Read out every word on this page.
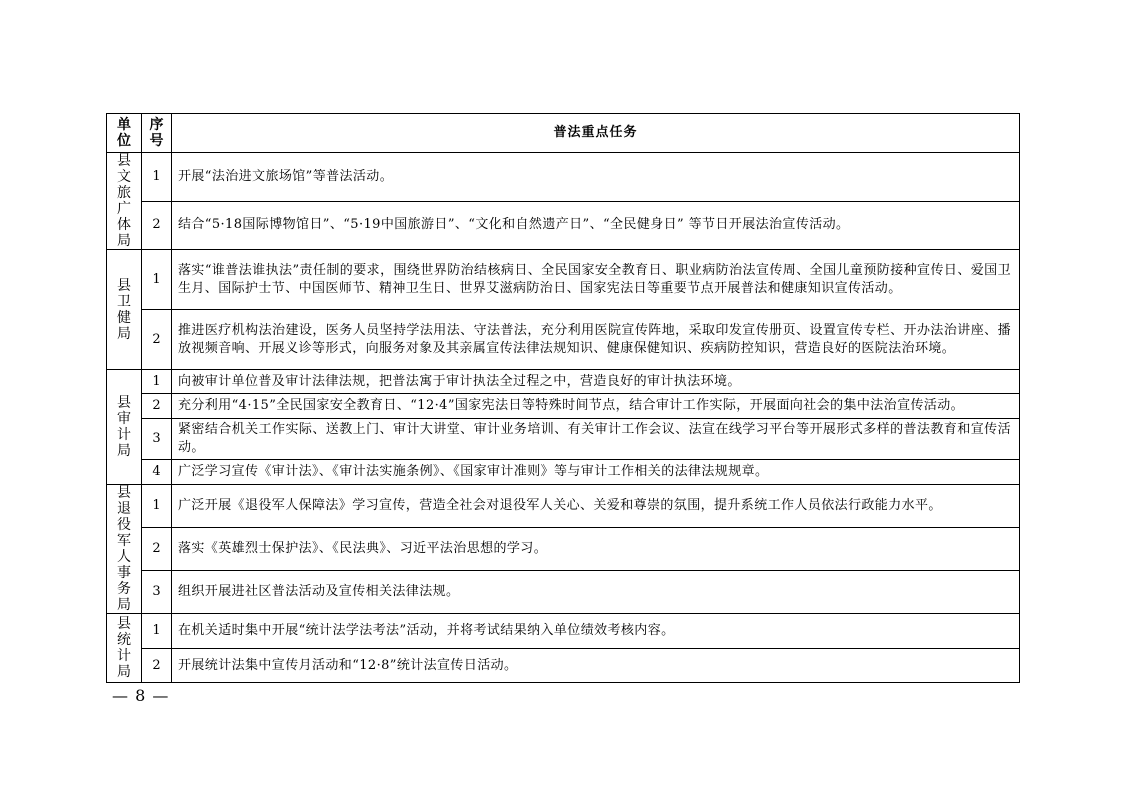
单位	序号	普法重点任务

县文旅广体局	1	开展“法治进文旅场馆”等普法活动。
	2	结合“5·18国际博物馆日”、“5·19中国旅游日”、“文化和自然遗产日”、“全民健身日” 等节日开展法治宣传活动。

县卫健局	1	落实“谁普法谁执法”责任制的要求，围绕世界防治结核病日、全民国家安全教育日、职业病防治法宣传周、全国儿童预防接种宣传日、爱国卫生月、国际护士节、中国医师节、精神卫生日、世界艾滋病防治日、国家宪法日等重要节点开展普法和健康知识宣传活动。
	2	推进医疗机构法治建设，医务人员坚持学法用法、守法普法，充分利用医院宣传阵地，采取印发宣传册页、设置宣传专栏、开办法治讲座、播放视频音响、开展义诊等形式，向服务对象及其亲属宣传法律法规知识、健康保健知识、疾病防控知识，营造良好的医院法治环境。

县审计局	1	向被审计单位普及审计法律法规，把普法寓于审计执法全过程之中，营造良好的审计执法环境。
	2	充分利用“4·15”全民国家安全教育日、“12·4”国家宪法日等特殊时间节点，结合审计工作实际，开展面向社会的集中法治宣传活动。
	3	紧密结合机关工作实际、送教上门、审计大讲堂、审计业务培训、有关审计工作会议、法宣在线学习平台等开展形式多样的普法教育和宣传活动。
	4	广泛学习宣传《审计法》、《审计法实施条例》、《国家审计准则》等与审计工作相关的法律法规规章。

县退役军人事务局	1	广泛开展《退役军人保障法》学习宣传，营造全社会对退役军人关心、关爱和尊崇的氛围，提升系统工作人员依法行政能力水平。
	2	落实《英雄烈士保护法》、《民法典》、习近平法治思想的学习。
	3	组织开展进社区普法活动及宣传相关法律法规。

县统计局	1	在机关适时集中开展“统计法学法考法”活动，并将考试结果纳入单位绩效考核内容。
	2	开展统计法集中宣传月活动和“12·8”统计法宣传日活动。
— 8 —
